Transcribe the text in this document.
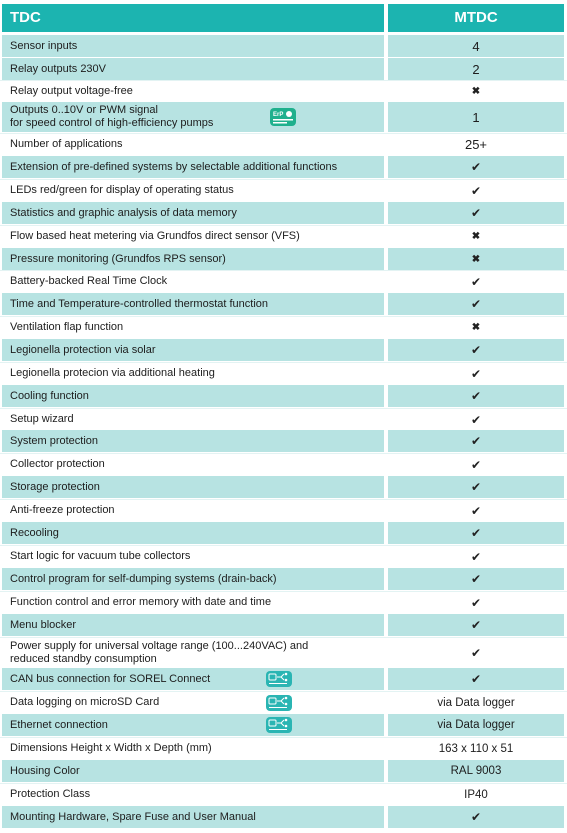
TDC	MTDC
Sensor inputs	4
Relay outputs 230V	2
Relay output voltage-free	✖
Outputs 0..10V or PWM signal
for speed control of high-efficiency pumps
ErP	1
Number of applications	25+
Extension of pre-defined systems by selectable additional functions	✔
LEDs red/green for display of operating status	✔
Statistics and graphic analysis of data memory	✔
Flow based heat metering via Grundfos direct sensor (VFS)	✖
Pressure monitoring (Grundfos RPS sensor)	✖
Battery-backed Real Time Clock	✔
Time and Temperature-controlled thermostat function	✔
Ventilation flap function	✖
Legionella protection via solar	✔
Legionella protecion via additional heating	✔
Cooling function	✔
Setup wizard	✔
System protection	✔
Collector protection	✔
Storage protection	✔
Anti-freeze protection	✔
Recooling	✔
Start logic for vacuum tube collectors	✔
Control program for self-dumping systems (drain-back)	✔
Function control and error memory with date and time	✔
Menu blocker	✔
Power supply for universal voltage range (100...240VAC) and
reduced standby consumption	✔
CAN bus connection for SOREL Connect	✔
Data logging on microSD Card	via Data logger
Ethernet connection	via Data logger
Dimensions Height x Width x Depth (mm)	163 x 110 x 51
Housing Color	RAL 9003
Protection Class	IP40
Mounting Hardware, Spare Fuse and User Manual	✔
